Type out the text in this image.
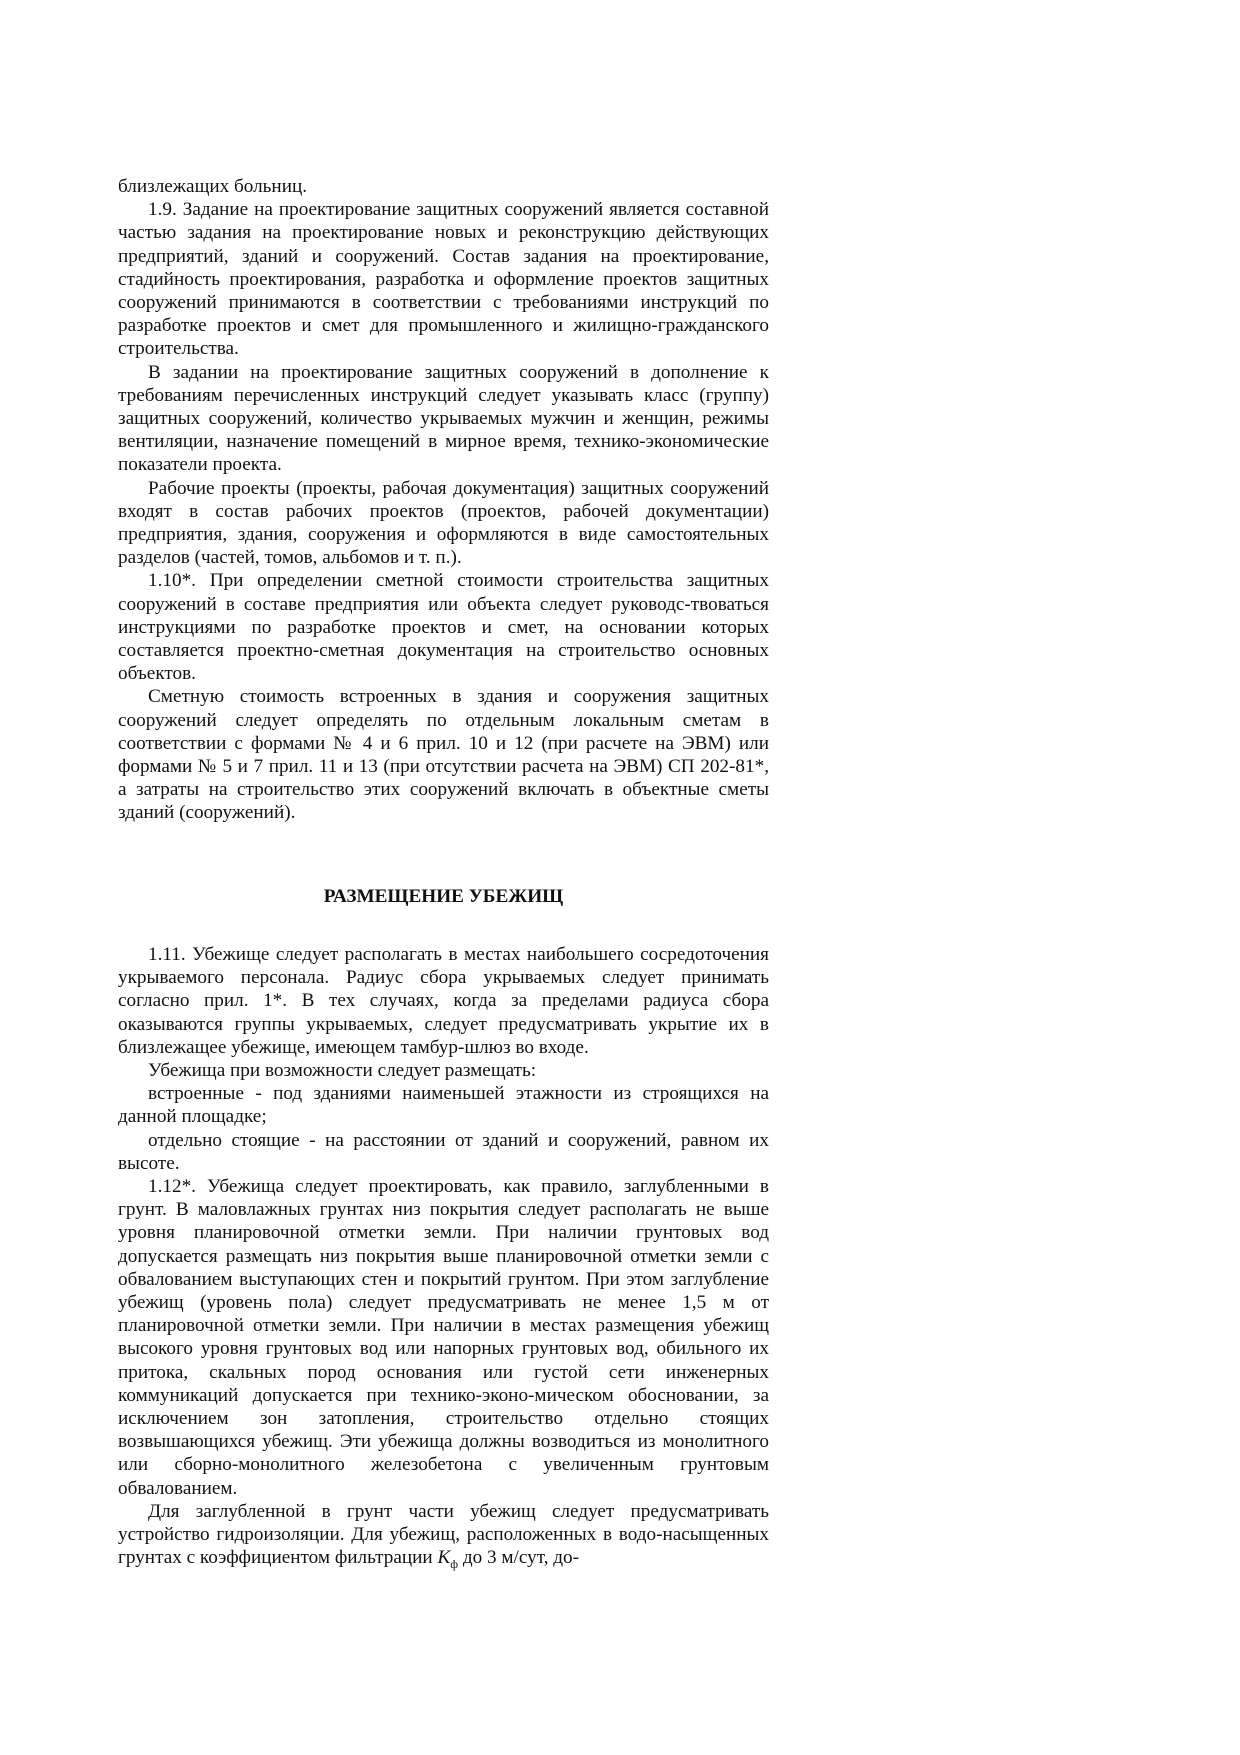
близлежащих больниц.

1.9. Задание на проектирование защитных сооружений является составной частью задания на проектирование новых и реконструкцию действующих предприятий, зданий и сооружений. Состав задания на проектирование, стадийность проектирования, разработка и оформление проектов защитных сооружений принимаются в соответствии с требованиями инструкций по разработке проектов и смет для промышленного и жилищно-гражданского строительства.

В задании на проектирование защитных сооружений в дополнение к требованиям перечисленных инструкций следует указывать класс (группу) защитных сооружений, количество укрываемых мужчин и женщин, режимы вентиляции, назначение помещений в мирное время, технико-экономические показатели проекта.

Рабочие проекты (проекты, рабочая документация) защитных сооружений входят в состав рабочих проектов (проектов, рабочей документации) предприятия, здания, сооружения и оформляются в виде самостоятельных разделов (частей, томов, альбомов и т. п.).

1.10*. При определении сметной стоимости строительства защитных сооружений в составе предприятия или объекта следует руководс-твоваться инструкциями по разработке проектов и смет, на основании которых составляется проектно-сметная документация на строительство основных объектов.

Сметную стоимость встроенных в здания и сооружения защитных сооружений следует определять по отдельным локальным сметам в соответствии с формами № 4 и 6 прил. 10 и 12 (при расчете на ЭВМ) или формами № 5 и 7 прил. 11 и 13 (при отсутствии расчета на ЭВМ) СП 202-81*, а затраты на строительство этих сооружений включать в объектные сметы зданий (сооружений).

РАЗМЕЩЕНИЕ УБЕЖИЩ

1.11. Убежище следует располагать в местах наибольшего сосредоточения укрываемого персонала. Радиус сбора укрываемых следует принимать согласно прил. 1*. В тех случаях, когда за пределами радиуса сбора оказываются группы укрываемых, следует предусматривать укрытие их в близлежащее убежище, имеющем тамбур-шлюз во входе.

Убежища при возможности следует размещать:

встроенные - под зданиями наименьшей этажности из строящихся на данной площадке;

отдельно стоящие - на расстоянии от зданий и сооружений, равном их высоте.

1.12*. Убежища следует проектировать, как правило, заглубленными в грунт. В маловлажных грунтах низ покрытия следует располагать не выше уровня планировочной отметки земли. При наличии грунтовых вод допускается размещать низ покрытия выше планировочной отметки земли с обвалованием выступающих стен и покрытий грунтом. При этом заглубление убежищ (уровень пола) следует предусматривать не менее 1,5 м от планировочной отметки земли. При наличии в местах размещения убежищ высокого уровня грунтовых вод или напорных грунтовых вод, обильного их притока, скальных пород основания или густой сети инженерных коммуникаций допускается при технико-эконо-мическом обосновании, за исключением зон затопления, строительство отдельно стоящих возвышающихся убежищ. Эти убежища должны возводиться из монолитного или сборно-монолитного железобетона с увеличенным грунтовым обвалованием.

Для заглубленной в грунт части убежищ следует предусматривать устройство гидроизоляции. Для убежищ, расположенных в водо-насыщенных грунтах с коэффициентом фильтрации $K_ф$ до 3 м/сут, до-
